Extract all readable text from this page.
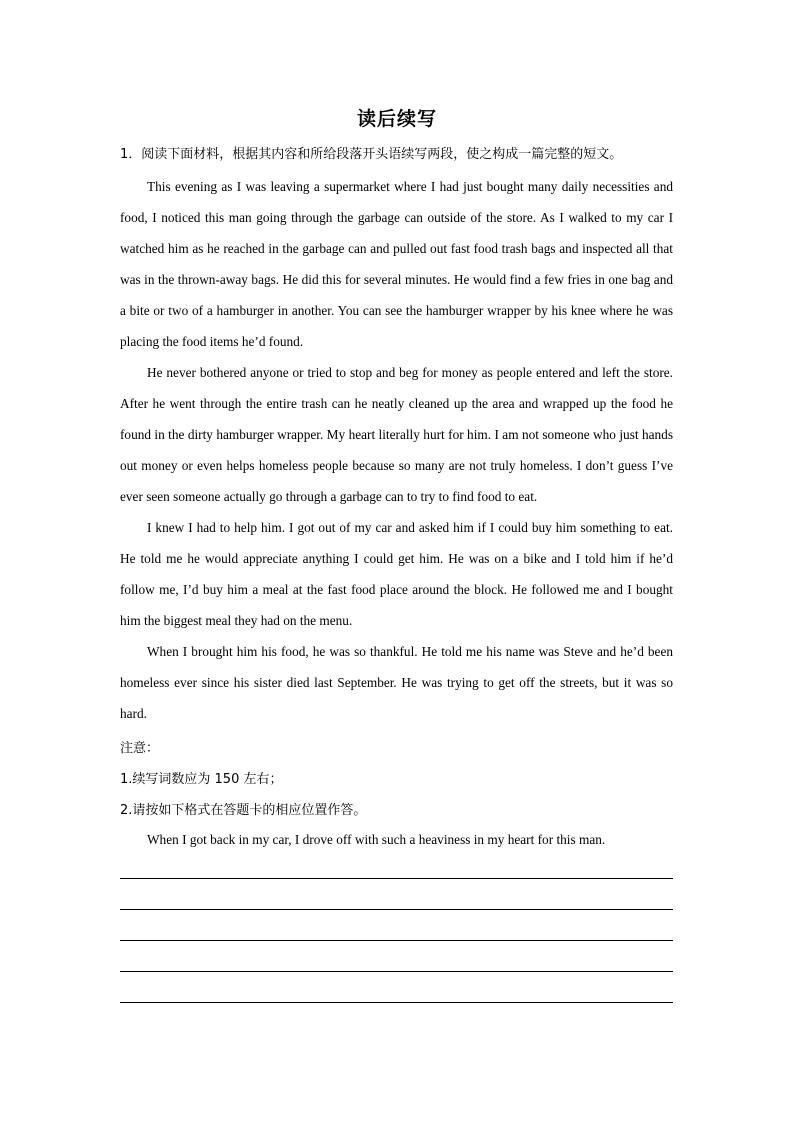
读后续写
1．阅读下面材料，根据其内容和所给段落开头语续写两段，使之构成一篇完整的短文。

This evening as I was leaving a supermarket where I had just bought many daily necessities and food, I noticed this man going through the garbage can outside of the store. As I walked to my car I watched him as he reached in the garbage can and pulled out fast food trash bags and inspected all that was in the thrown-away bags. He did this for several minutes. He would find a few fries in one bag and a bite or two of a hamburger in another. You can see the hamburger wrapper by his knee where he was placing the food items he’d found.

He never bothered anyone or tried to stop and beg for money as people entered and left the store. After he went through the entire trash can he neatly cleaned up the area and wrapped up the food he found in the dirty hamburger wrapper. My heart literally hurt for him. I am not someone who just hands out money or even helps homeless people because so many are not truly homeless. I don’t guess I’ve ever seen someone actually go through a garbage can to try to find food to eat.

I knew I had to help him. I got out of my car and asked him if I could buy him something to eat. He told me he would appreciate anything I could get him. He was on a bike and I told him if he’d follow me, I’d buy him a meal at the fast food place around the block. He followed me and I bought him the biggest meal they had on the menu.

When I brought him his food, he was so thankful. He told me his name was Steve and he’d been homeless ever since his sister died last September. He was trying to get off the streets, but it was so hard.

注意：
1.续写词数应为 150 左右；
2.请按如下格式在答题卡的相应位置作答。
When I got back in my car, I drove off with such a heaviness in my heart for this man.
